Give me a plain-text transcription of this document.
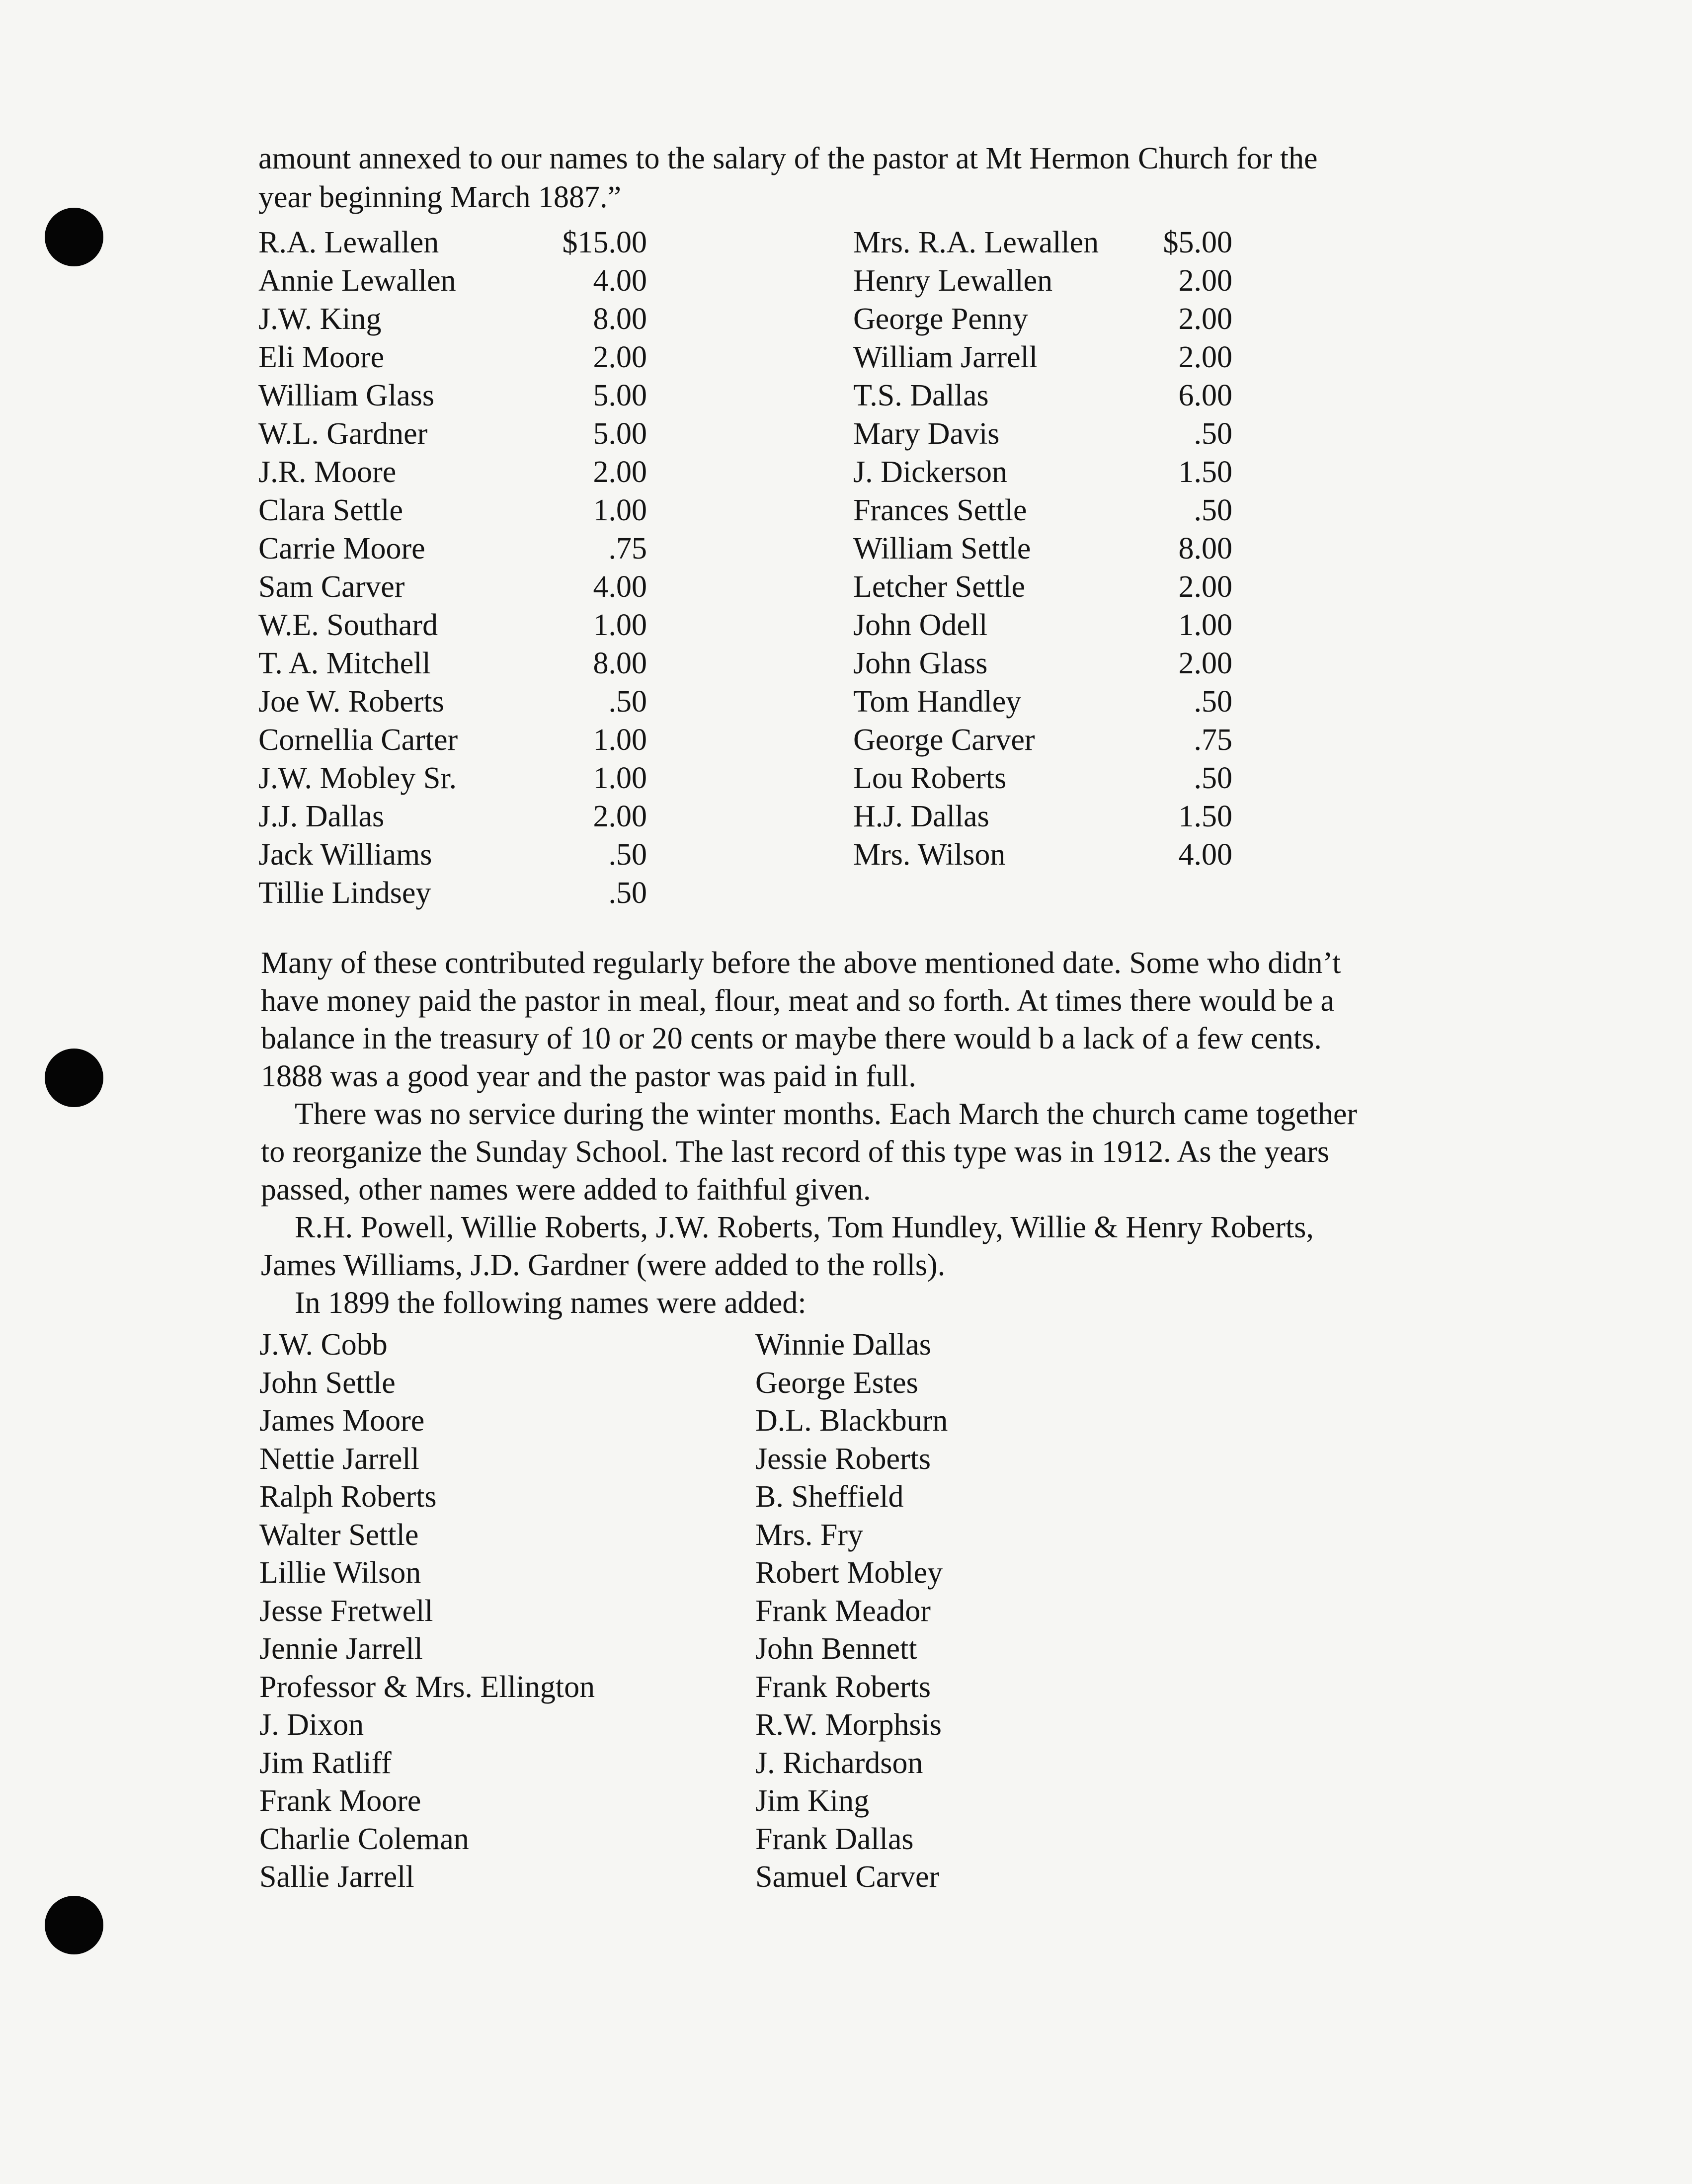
amount annexed to our names to the salary of the pastor at Mt Hermon Church for the
year beginning March 1887.”
R.A. Lewallen	$15.00
Annie Lewallen	4.00
J.W. King	8.00
Eli Moore	2.00
William Glass	5.00
W.L. Gardner	5.00
J.R. Moore	2.00
Clara Settle	1.00
Carrie Moore	.75
Sam Carver	4.00
W.E. Southard	1.00
T. A. Mitchell	8.00
Joe W. Roberts	.50
Cornellia Carter	1.00
J.W. Mobley Sr.	1.00
J.J. Dallas	2.00
Jack Williams	.50
Tillie Lindsey	.50
Mrs. R.A. Lewallen $5.00
Henry Lewallen	2.00
George Penny	2.00
William Jarrell	2.00
T.S. Dallas	6.00
Mary Davis	.50
J. Dickerson	1.50
Frances Settle	.50
William Settle	8.00
Letcher Settle	2.00
John Odell	1.00
John Glass	2.00
Tom Handley	.50
George Carver	.75
Lou Roberts	.50
H.J. Dallas	1.50
Mrs. Wilson	4.00

Many of these contributed regularly before the above mentioned date. Some who didn’t

have money paid the pastor in meal, flour, meat and so forth. At times there would be a

balance in the treasury of 10 or 20 cents or maybe there would b a lack of a few cents.

1888 was a good year and the pastor was paid in full.

There was no service during the winter months. Each March the church came together

to reorganize the Sunday School. The last record of this type was in 1912. As the years

passed, other names were added to faithful given.

R.H. Powell, Willie Roberts, J.W. Roberts, Tom Hundley, Willie & Henry Roberts,

James Williams, J.D. Gardner (were added to the rolls).

In 1899 the following names were added:

J.W. Cobb
John Settle
James Moore
Nettie Jarrell
Ralph Roberts
Walter Settle
Lillie Wilson
Jesse Fretwell
Jennie Jarrell
Professor & Mrs. Ellington
J. Dixon
Jim Ratliff
Frank Moore
Charlie Coleman
Sallie Jarrell
Winnie Dallas
George Estes
D.L. Blackburn
Jessie Roberts
B. Sheffield
Mrs. Fry
Robert Mobley
Frank Meador
John Bennett
Frank Roberts
R.W. Morphsis
J. Richardson
Jim King
Frank Dallas
Samuel Carver
